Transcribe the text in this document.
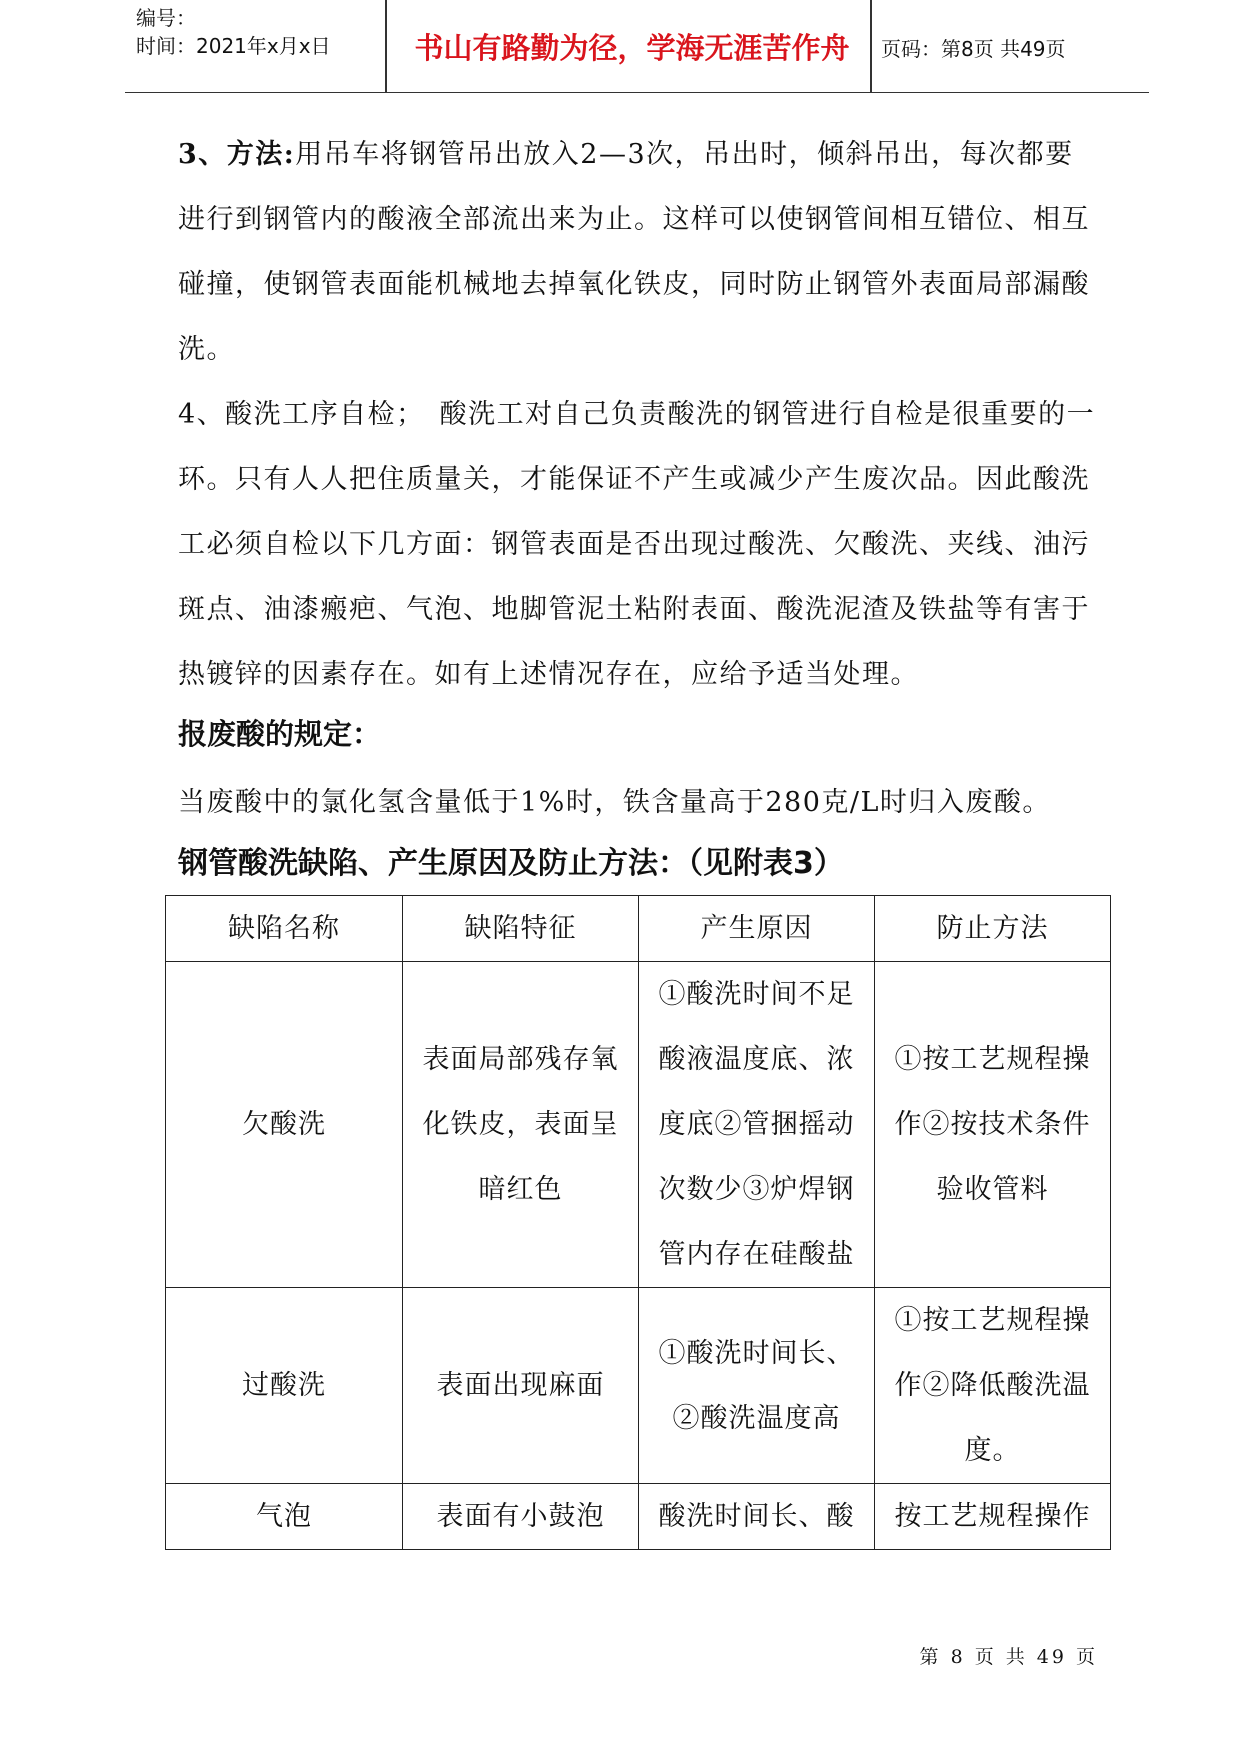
编号：
时间：2021年x月x日	书山有路勤为径，学海无涯苦作舟	页码：第8页 共49页
3、方法:用吊车将钢管吊出放入2—3次，吊出时，倾斜吊出，每次都要
进行到钢管内的酸液全部流出来为止。这样可以使钢管间相互错位、相互
碰撞，使钢管表面能机械地去掉氧化铁皮，同时防止钢管外表面局部漏酸
洗。
4、酸洗工序自检；　酸洗工对自己负责酸洗的钢管进行自检是很重要的一
环。只有人人把住质量关，才能保证不产生或减少产生废次品。因此酸洗
工必须自检以下几方面：钢管表面是否出现过酸洗、欠酸洗、夹线、油污
斑点、油漆瘢疤、气泡、地脚管泥土粘附表面、酸洗泥渣及铁盐等有害于
热镀锌的因素存在。如有上述情况存在，应给予适当处理。
报废酸的规定：
当废酸中的氯化氢含量低于1%时，铁含量高于280克/L时归入废酸。
钢管酸洗缺陷、产生原因及防止方法：（见附表3）
缺陷名称	缺陷特征	产生原因	防止方法
欠酸洗	表面局部残存氧
化铁皮，表面呈
暗红色	①酸洗时间不足
酸液温度底、浓
度底②管捆摇动
次数少③炉焊钢
管内存在硅酸盐	①按工艺规程操
作②按技术条件
验收管料

过酸洗	表面出现麻面	①酸洗时间长、
②酸洗温度高	①按工艺规程操
作②降低酸洗温
度。

气泡	表面有小鼓泡	酸洗时间长、酸	按工艺规程操作
第 8 页 共 49 页
